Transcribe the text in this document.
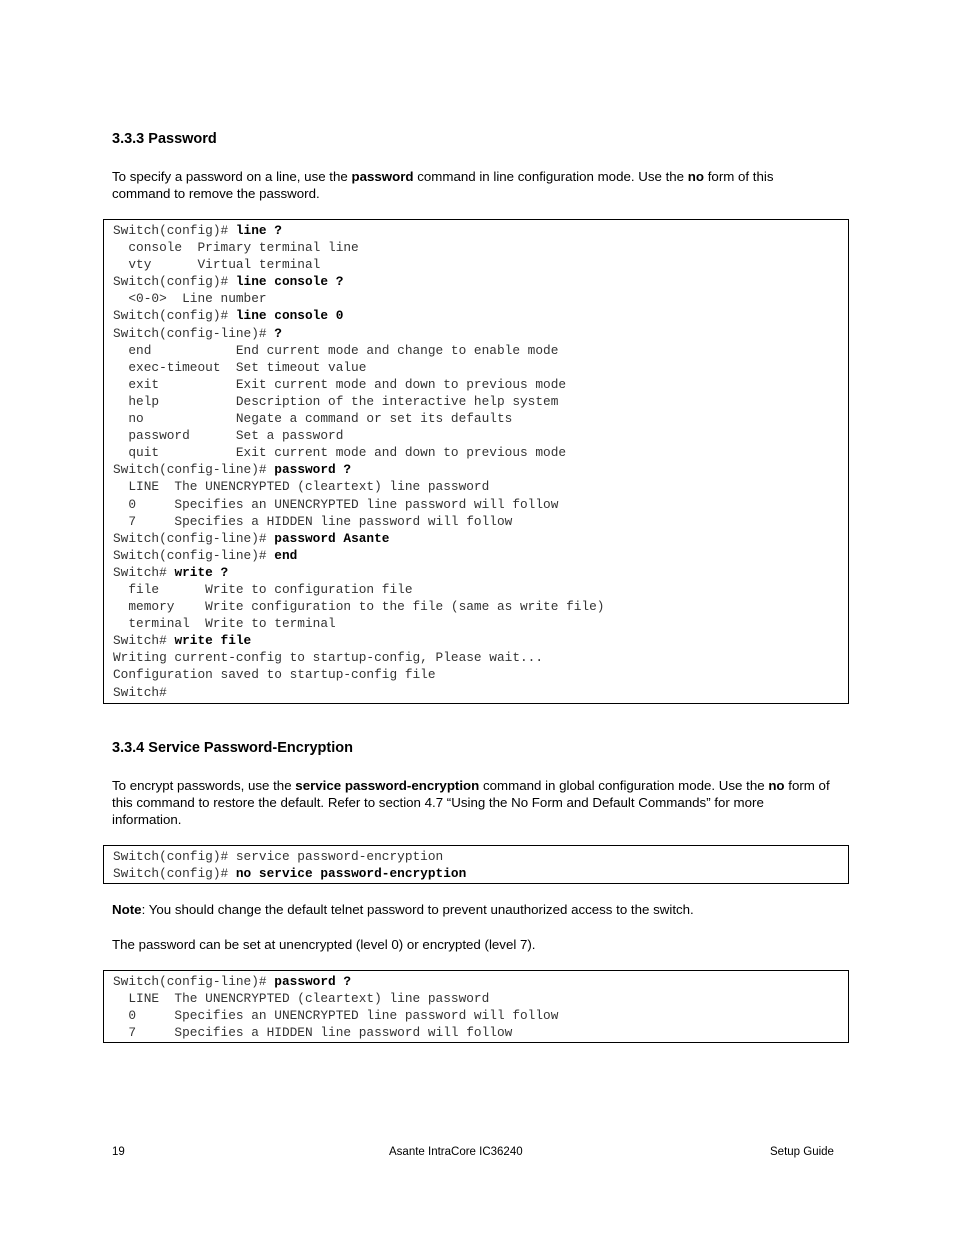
3.3.3 Password

To specify a password on a line, use the password command in line configuration mode. Use the no form of this command to remove the password.

Switch(config)# line ?
console  Primary terminal line
vty      Virtual terminal
Switch(config)# line console ?
<0-0>  Line number
Switch(config)# line console 0
Switch(config-line)# ?
end           End current mode and change to enable mode
exec-timeout  Set timeout value
exit          Exit current mode and down to previous mode
help          Description of the interactive help system
no            Negate a command or set its defaults
password      Set a password
quit          Exit current mode and down to previous mode
Switch(config-line)# password ?
LINE  The UNENCRYPTED (cleartext) line password
0     Specifies an UNENCRYPTED line password will follow
7     Specifies a HIDDEN line password will follow
Switch(config-line)# password Asante
Switch(config-line)# end
Switch# write ?
file      Write to configuration file
memory    Write configuration to the file (same as write file)
terminal  Write to terminal
Switch# write file
Writing current-config to startup-config, Please wait...
Configuration saved to startup-config file
Switch#
3.3.4 Service Password-Encryption

To encrypt passwords, use the service password-encryption command in global configuration mode. Use the no form of this command to restore the default. Refer to section 4.7 “Using the No Form and Default Commands” for more information.

Switch(config)# service password-encryption
Switch(config)# no service password-encryption

Note: You should change the default telnet password to prevent unauthorized access to the switch.

The password can be set at unencrypted (level 0) or encrypted (level 7).

Switch(config-line)# password ?
LINE  The UNENCRYPTED (cleartext) line password
0     Specifies an UNENCRYPTED line password will follow
7     Specifies a HIDDEN line password will follow
19	Asante IntraCore IC36240	Setup Guide
